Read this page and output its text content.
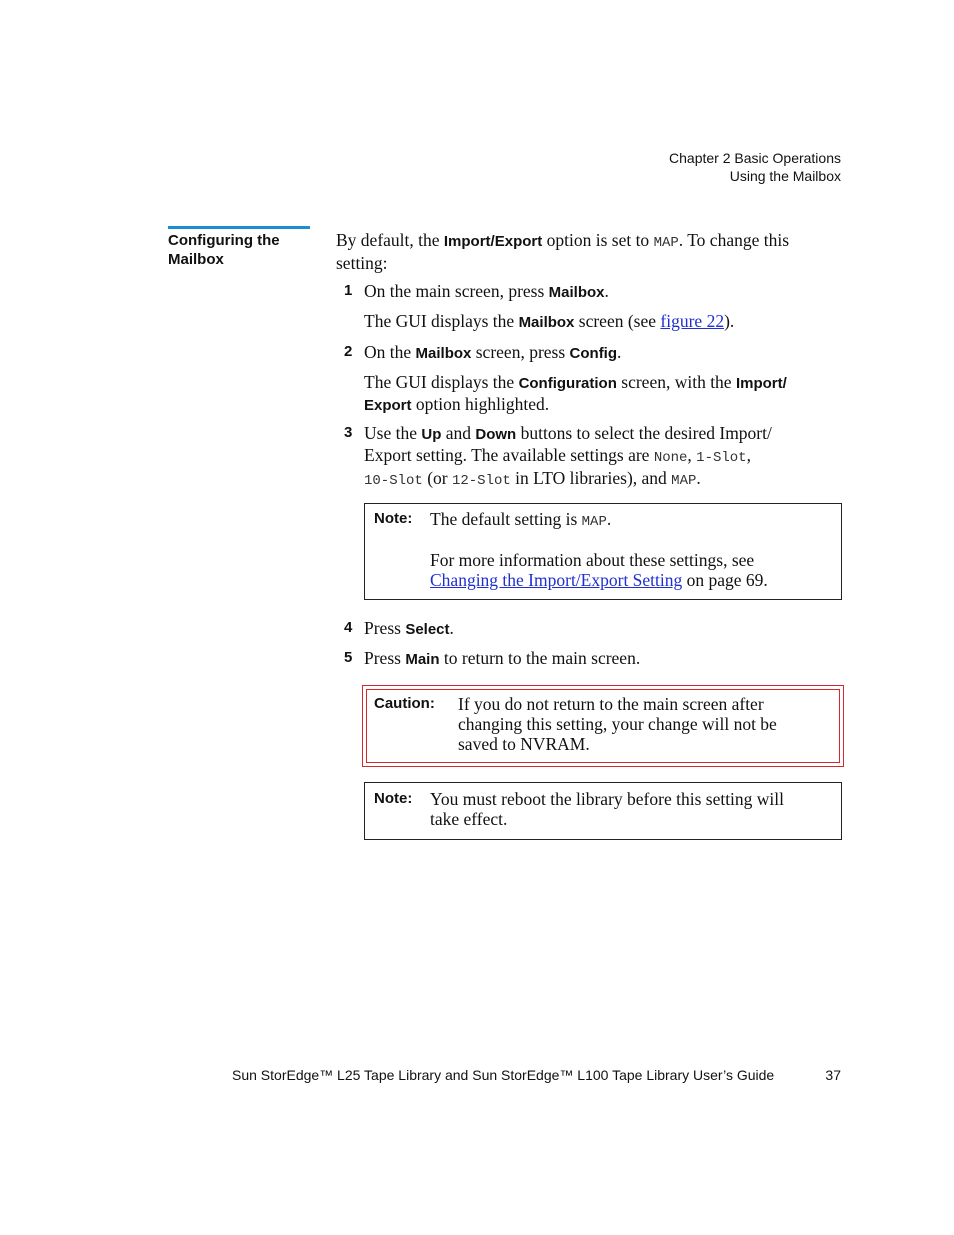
Chapter 2 Basic Operations
Using the Mailbox
Configuring the
Mailbox
By default, the Import/Export option is set to MAP. To change this
setting:
1 On the main screen, press Mailbox.
The GUI displays the Mailbox screen (see figure 22).
2 On the Mailbox screen, press Config.
The GUI displays the Configuration screen, with the Import/
Export option highlighted.
3 Use the Up and Down buttons to select the desired Import/
Export setting. The available settings are None, 1-Slot,
10-Slot (or 12-Slot in LTO libraries), and MAP.
Note: The default setting is MAP.
For more information about these settings, see
Changing the Import/Export Setting on page 69.
4 Press Select.
5 Press Main to return to the main screen.
Caution: If you do not return to the main screen after
changing this setting, your change will not be
saved to NVRAM.
Note: You must reboot the library before this setting will
take effect.
Sun StorEdge™ L25 Tape Library and Sun StorEdge™ L100 Tape Library User’s Guide	37
